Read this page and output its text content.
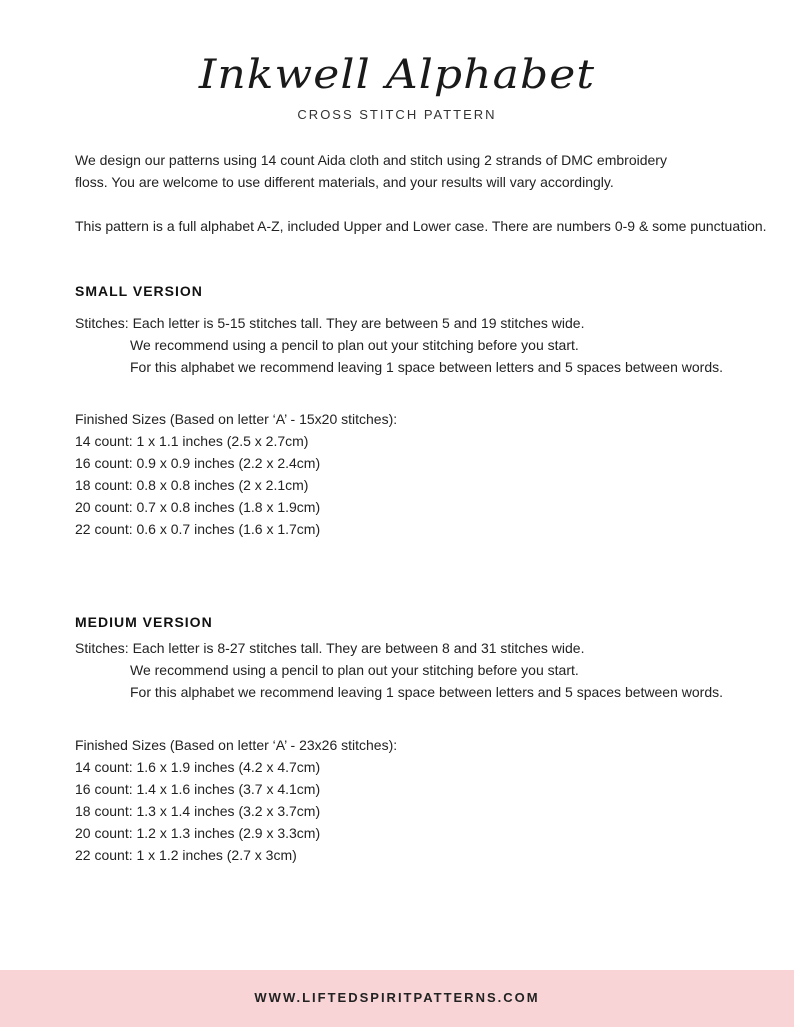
Inkwell Alphabet
CROSS STITCH PATTERN
We design our patterns using 14 count Aida cloth and stitch using 2 strands of DMC embroidery
floss. You are welcome to use different materials, and your results will vary accordingly.
This pattern is a full alphabet A-Z, included Upper and Lower case. There are numbers 0-9 & some punctuation.
SMALL VERSION
Stitches: Each letter is 5-15 stitches tall. They are between 5 and 19 stitches wide.
We recommend using a pencil to plan out your stitching before you start.
For this alphabet we recommend leaving 1 space between letters and 5 spaces between words.
Finished Sizes (Based on letter ‘A’ - 15x20 stitches):
14 count: 1 x 1.1 inches (2.5 x 2.7cm)
16 count: 0.9 x 0.9 inches (2.2 x 2.4cm)
18 count: 0.8 x 0.8 inches (2 x 2.1cm)
20 count: 0.7 x 0.8 inches (1.8 x 1.9cm)
22 count: 0.6 x 0.7 inches (1.6 x 1.7cm)
MEDIUM VERSION
Stitches: Each letter is 8-27 stitches tall. They are between 8 and 31 stitches wide.
We recommend using a pencil to plan out your stitching before you start.
For this alphabet we recommend leaving 1 space between letters and 5 spaces between words.
Finished Sizes (Based on letter ‘A’ - 23x26 stitches):
14 count: 1.6 x 1.9 inches (4.2 x 4.7cm)
16 count: 1.4 x 1.6 inches (3.7 x 4.1cm)
18 count: 1.3 x 1.4 inches (3.2 x 3.7cm)
20 count: 1.2 x 1.3 inches (2.9 x 3.3cm)
22 count: 1 x 1.2 inches (2.7 x 3cm)
WWW.LIFTEDSPIRITPATTERNS.COM
